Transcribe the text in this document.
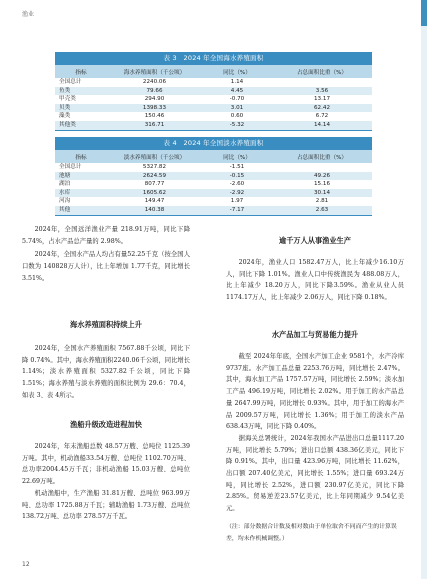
渔业
表 3　2024 年全国海水养殖面积
指标	海水养殖面积（千公顷）	同比（%）	占总面积比重（%）
全国总计	2240.06	1.14	
鱼类	79.66	4.45	3.56
甲壳类	294.90	-0.70	13.17
贝类	1398.33	3.01	62.42
藻类	150.46	0.60	6.72
其他类	316.71	-5.32	14.14
表 4　2024 年全国淡水养殖面积
指标	淡水养殖面积（千公顷）	同比（%）	占总面积比重（%）
全国总计	5327.82	-1.51	
池塘	2624.59	-0.15	49.26
湖泊	807.77	-2.60	15.16
水库	1605.62	-2.92	30.14
河沟	149.47	1.97	2.81
其他	140.38	-7.17	2.63

2024年，全国远洋渔业产量 218.91万吨，同比下降 5.74%，占水产品总产量的 2.98%。

2024年，全国水产品人均占有量52.25千克（按全国人口数为 140828万人计），比上年增加 1.77千克，同比增长3.51%。

海水养殖面积持续上升

2024年，全国水产养殖面积 7567.88千公顷，同比下降 0.74%。其中，海水养殖面积2240.06千公顷，同比增长 1.14%；淡水养殖面积 5327.82千公顷，同比下降1.51%；海水养殖与淡水养殖的面积比例为 29.6：70.4，如表 3、表 4所示。

渔船升级改造进程加快

2024年，年末渔船总数 48.57万艘、总吨位 1125.39万吨。其中，机动渔船33.54万艘、总吨位 1102.70万吨、总功率2004.45万千瓦；非机动渔船 15.03万艘、总吨位 22.69万吨。

机动渔船中，生产渔船 31.81万艘、总吨位 963.99万吨、总功率 1725.88万千瓦；辅助渔船 1.73万艘、总吨位 138.72万吨、总功率 278.57万千瓦。

逾千万人从事渔业生产

2024年，渔业人口 1582.47万人，比上年减少16.10万人，同比下降 1.01%。渔业人口中传统渔民为 488.08万人，比上年减少 18.20万人，同比下降3.59%。渔业从业人员 1174.17万人，比上年减少 2.06万人，同比下降 0.18%。

水产品加工与贸易能力提升

截至 2024年年底，全国水产加工企业 9581个，水产冷库 9737座。水产加工品总量 2253.76万吨，同比增长 2.47%。其中，海水加工产品 1757.57万吨，同比增长 2.59%；淡水加工产品 496.19万吨，同比增长 2.02%。用于加工的水产品总量 2647.99万吨，同比增长 0.93%。其中，用于加工的海水产品 2009.57万吨，同比增长 1.36%；用于加工的淡水产品 638.43万吨，同比下降 0.40%。

据海关总署统计，2024年我国水产品进出口总量1117.20万吨，同比增长 5.79%；进出口总额 438.36亿美元，同比下降 0.91%。其中，出口量 423.96万吨，同比增长 11.62%，出口额 207.40亿美元，同比增长 1.55%；进口量 693.24万吨，同比增长 2.52%，进口额 230.97亿美元，同比下降 2.85%。贸易逆差23.57亿美元，比上年同期减少 9.54亿美元。

（注：部分数据合计数及相对数由于单位取舍不同而产生的计算误差，均未作机械调整。）
12
